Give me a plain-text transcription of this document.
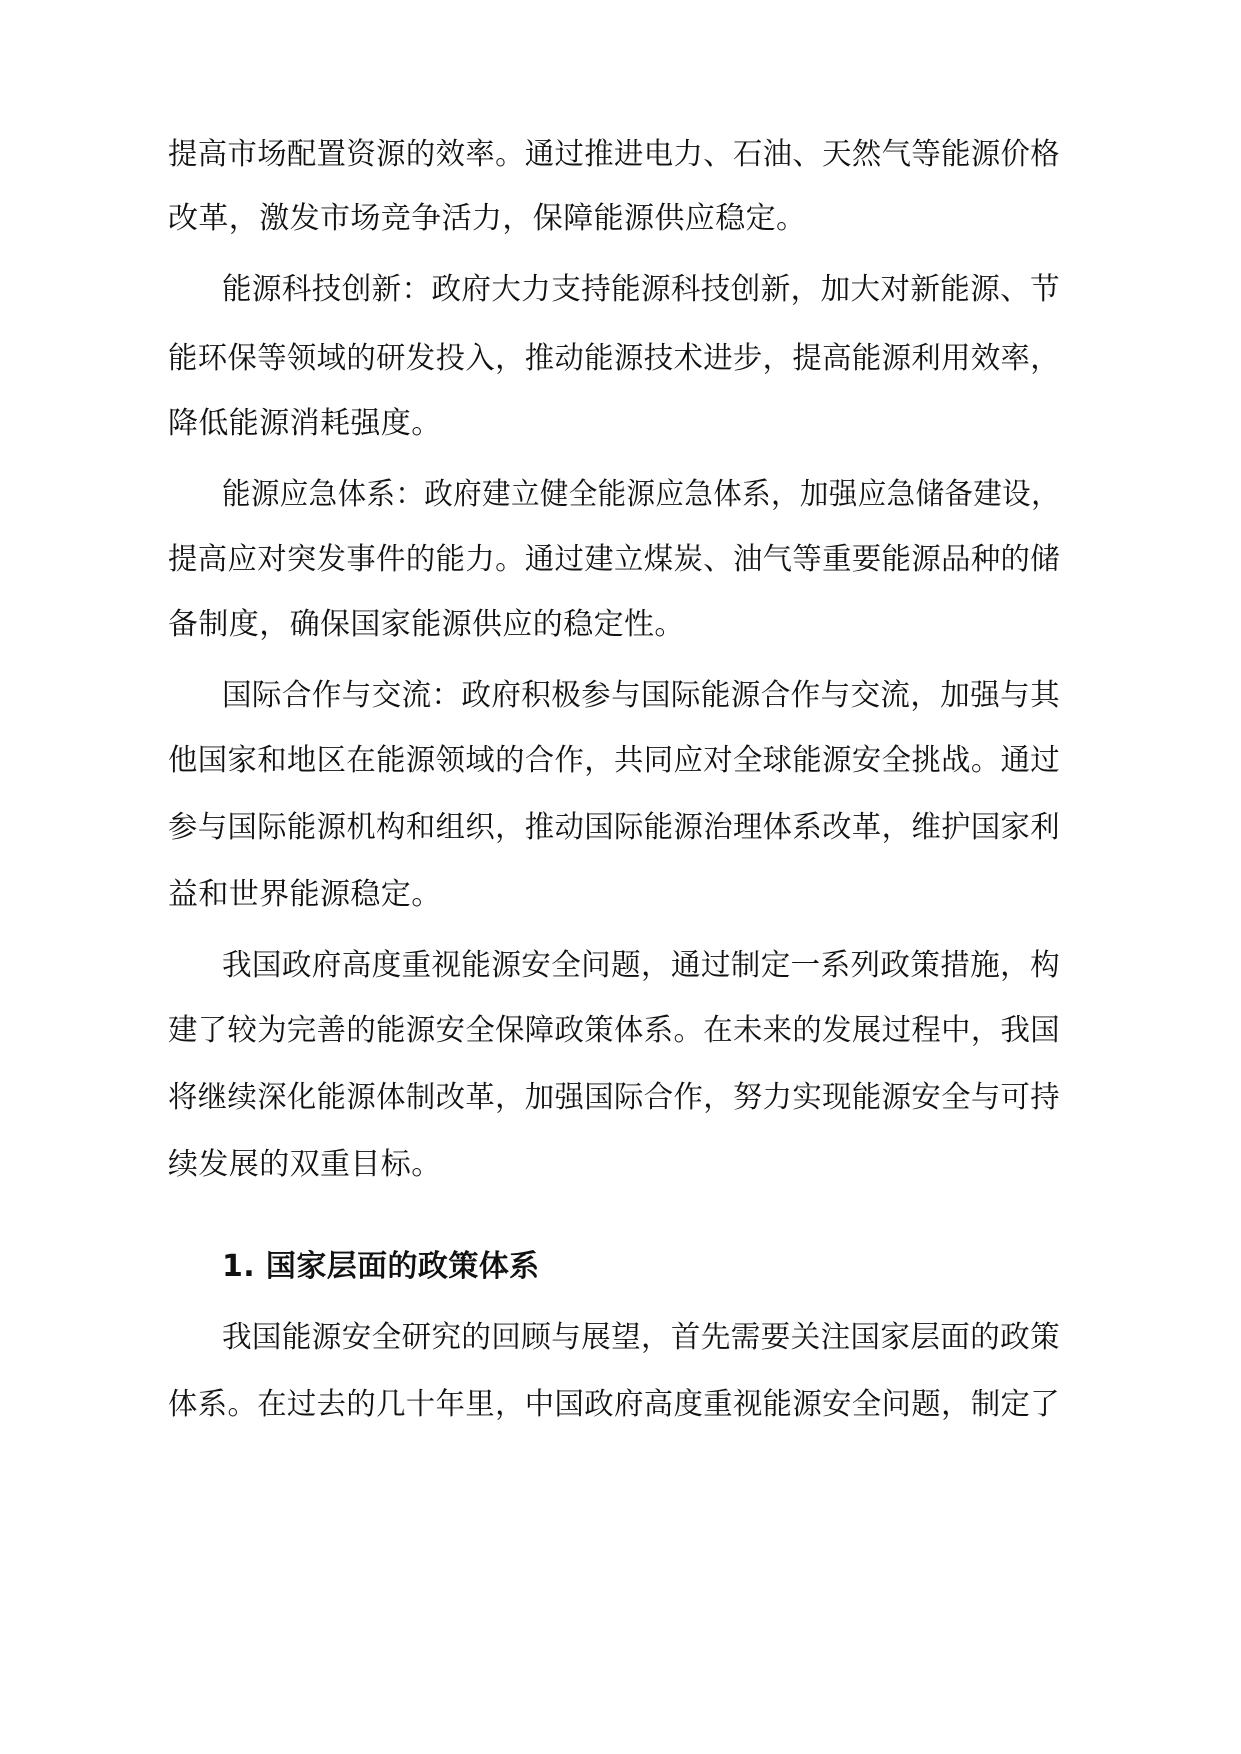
提高市场配置资源的效率。通过推进电力、石油、天然气等能源价格
改革，激发市场竞争活力，保障能源供应稳定。
能源科技创新：政府大力支持能源科技创新，加大对新能源、节
能环保等领域的研发投入，推动能源技术进步，提高能源利用效率，
降低能源消耗强度。
能源应急体系：政府建立健全能源应急体系，加强应急储备建设，
提高应对突发事件的能力。通过建立煤炭、油气等重要能源品种的储
备制度，确保国家能源供应的稳定性。
国际合作与交流：政府积极参与国际能源合作与交流，加强与其
他国家和地区在能源领域的合作，共同应对全球能源安全挑战。通过
参与国际能源机构和组织，推动国际能源治理体系改革，维护国家利
益和世界能源稳定。
我国政府高度重视能源安全问题，通过制定一系列政策措施，构
建了较为完善的能源安全保障政策体系。在未来的发展过程中，我国
将继续深化能源体制改革，加强国际合作，努力实现能源安全与可持
续发展的双重目标。
1. 国家层面的政策体系
我国能源安全研究的回顾与展望，首先需要关注国家层面的政策
体系。在过去的几十年里，中国政府高度重视能源安全问题，制定了
